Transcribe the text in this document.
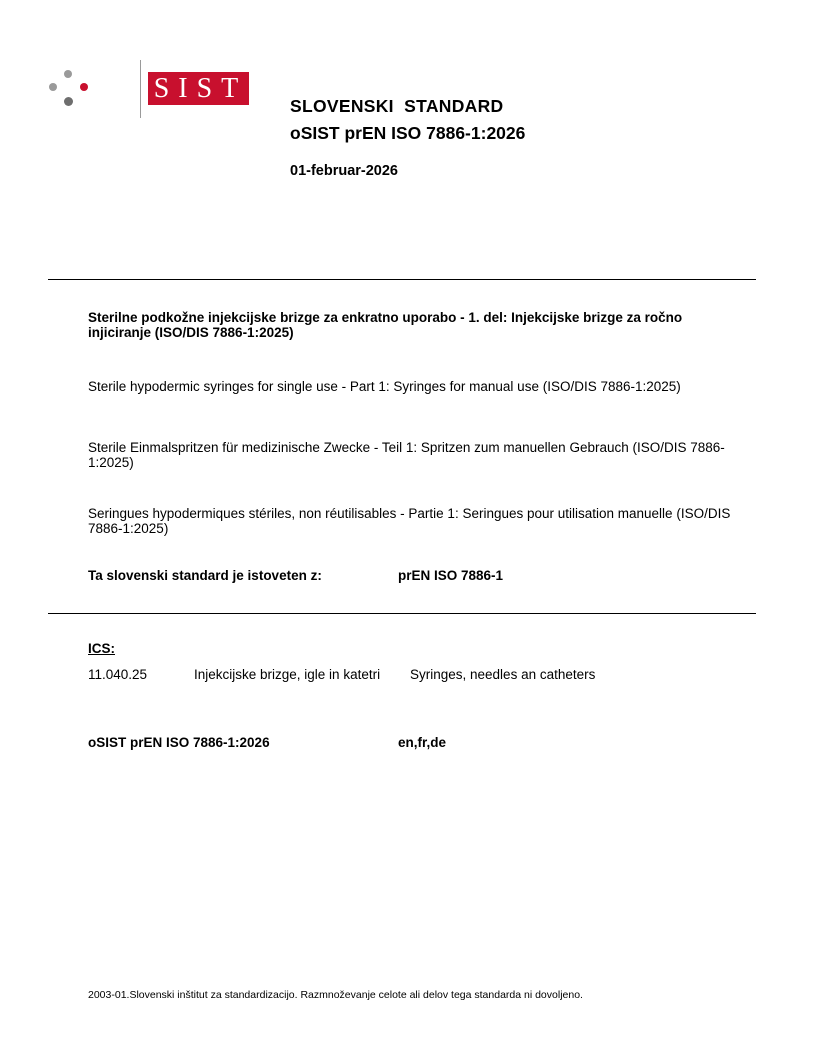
SIST
SLOVENSKI  STANDARD
oSIST prEN ISO 7886-1:2026
01-februar-2026
Sterilne podkožne injekcijske brizge za enkratno uporabo - 1. del: Injekcijske brizge za ročno injiciranje (ISO/DIS 7886-1:2025)
Sterile hypodermic syringes for single use - Part 1: Syringes for manual use (ISO/DIS 7886-1:2025)
Sterile Einmalspritzen für medizinische Zwecke - Teil 1: Spritzen zum manuellen Gebrauch (ISO/DIS 7886-1:2025)
Seringues hypodermiques stériles, non réutilisables - Partie 1: Seringues pour utilisation manuelle (ISO/DIS 7886-1:2025)
Ta slovenski standard je istoveten z:	prEN ISO 7886-1
ICS:
11.040.25	Injekcijske brizge, igle in katetri Syringes, needles an catheters
oSIST prEN ISO 7886-1:2026	en,fr,de
2003-01.Slovenski inštitut za standardizacijo. Razmnoževanje celote ali delov tega standarda ni dovoljeno.
